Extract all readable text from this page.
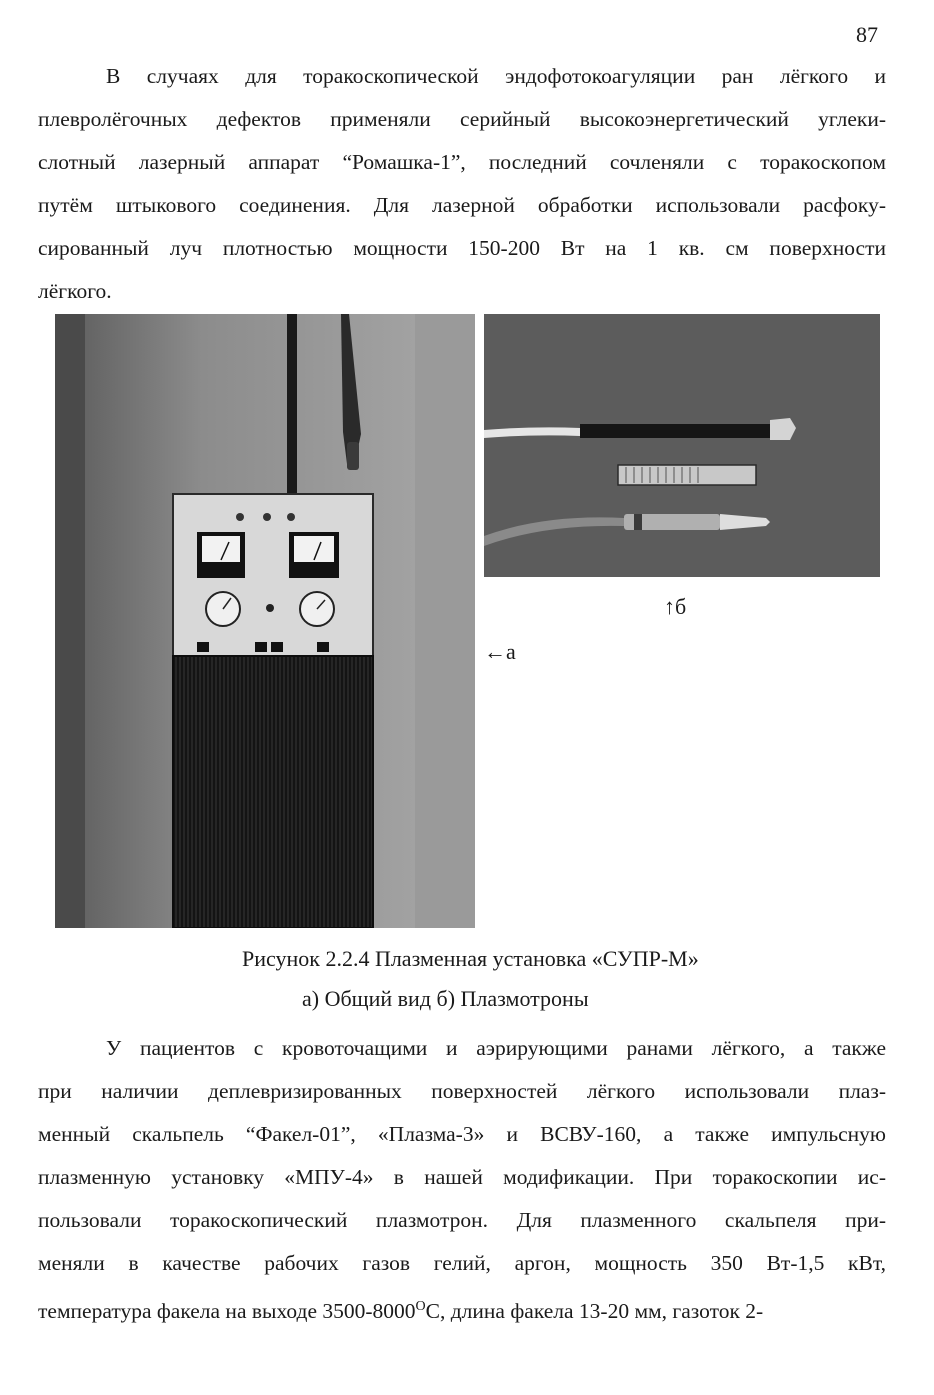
87

В случаях для торакоскопической эндофотокоагуляции ран лёгкого и
плевролёгочных дефектов применяли серийный высокоэнергетический углеки-
слотный лазерный аппарат “Ромашка-1”, последний сочленяли с торакоскопом
путём штыкового соединения. Для лазерной обработки использовали расфоку-
сированный луч плотностью мощности 150-200 Вт на 1 кв. см поверхности
лёгкого.

↑б
←а
Рисунок 2.2.4 Плазменная установка «СУПР-М»
а) Общий вид б) Плазмотроны

У пациентов с кровоточащими и аэрирующими ранами лёгкого, а также
при наличии деплевризированных поверхностей лёгкого использовали плаз-
менный скальпель “Факел-01”, «Плазма-3» и ВСВУ-160, а также импульсную
плазменную установку «МПУ-4» в нашей модификации. При торакоскопии ис-
пользовали торакоскопический плазмотрон. Для плазменного скальпеля при-
меняли в качестве рабочих газов гелий, аргон, мощность 350 Вт-1,5 кВт,
температура факела на выходе $3500-8000^ОС$, длина факела 13-20 мм, газоток 2-
